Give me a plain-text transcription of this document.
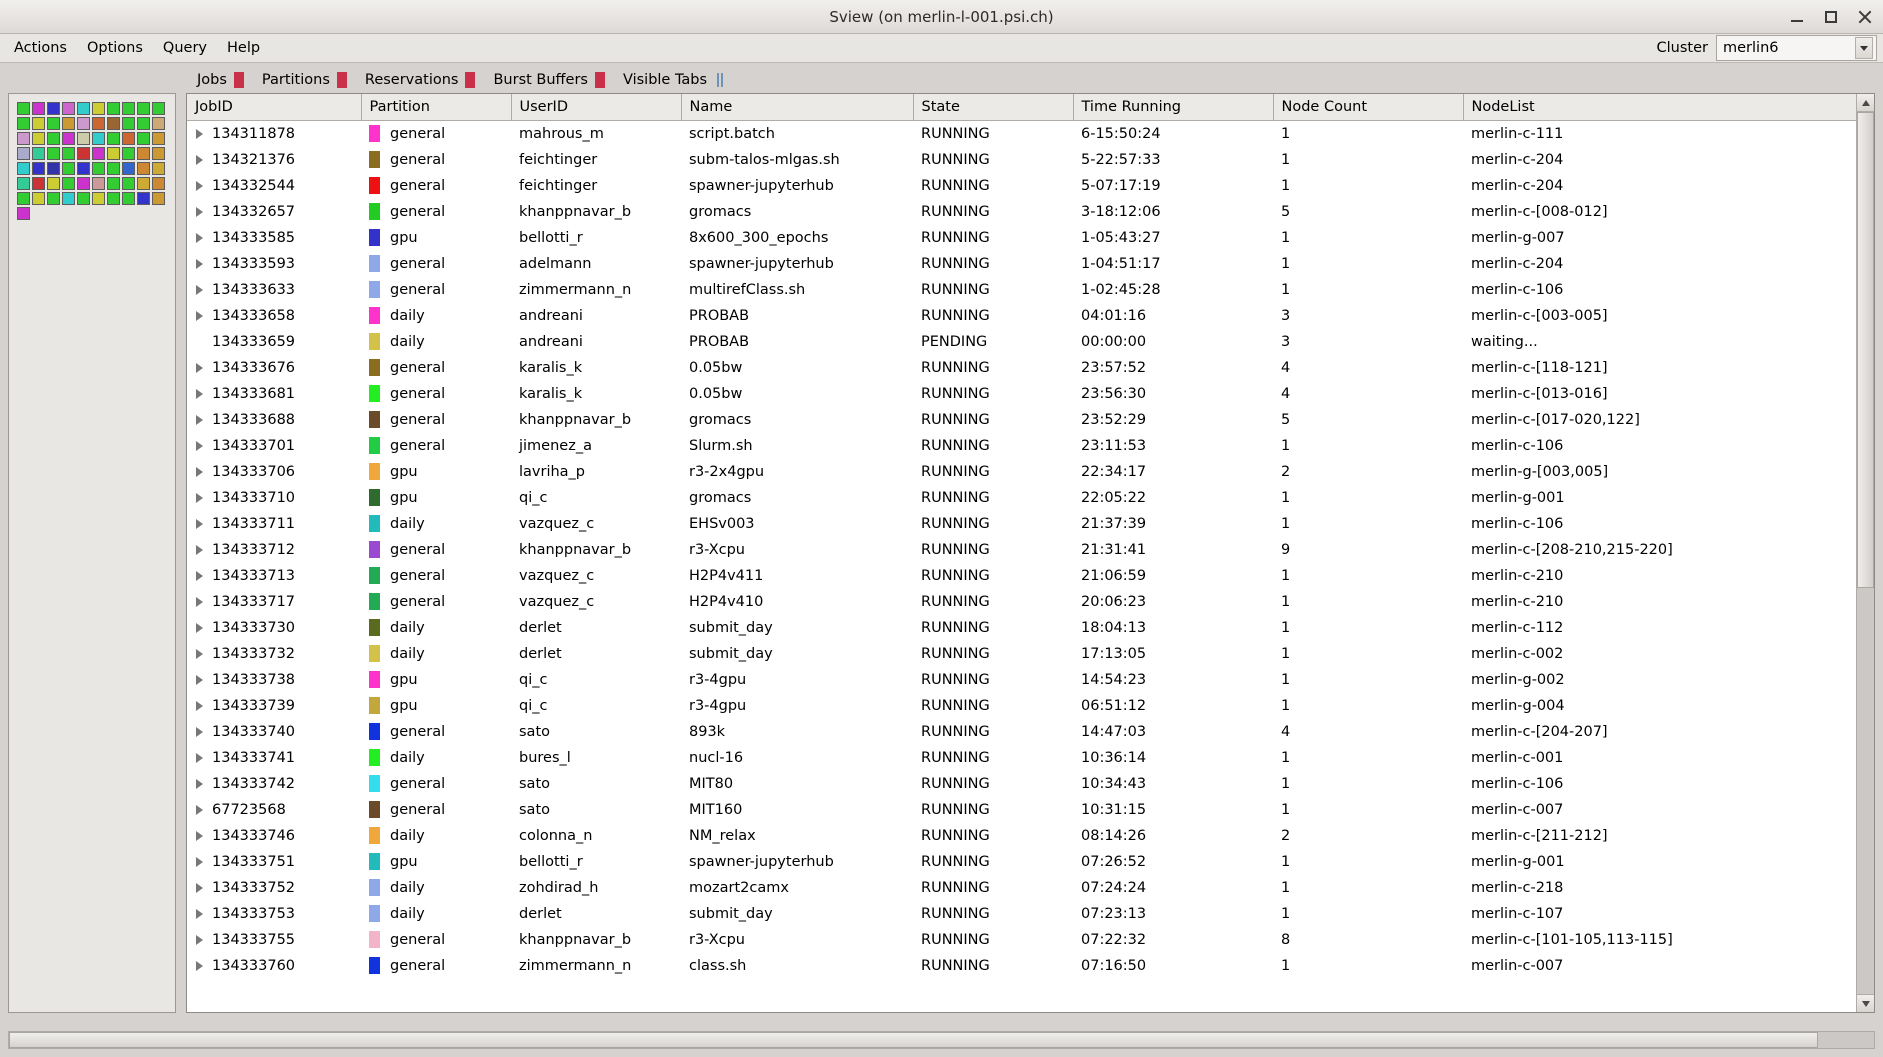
Sview (on merlin-l-001.psi.ch)
Actions	Options	Query	Help	Cluster merlin6
Jobs Partitions Reservations Burst Buffers Visible Tabs
JobID	Partition	UserID	Name	State	Time Running	Node Count	NodeList

134311878	general	mahrous_m	script.batch	RUNNING	6-15:50:24	1	merlin-c-111

134321376	general	feichtinger	subm-talos-mlgas.sh	RUNNING	5-22:57:33	1	merlin-c-204

134332544	general	feichtinger	spawner-jupyterhub	RUNNING	5-07:17:19	1	merlin-c-204

134332657	general	khanppnavar_b	gromacs	RUNNING	3-18:12:06	5	merlin-c-[008-012]

134333585	gpu	bellotti_r	8x600_300_epochs	RUNNING	1-05:43:27	1	merlin-g-007

134333593	general	adelmann	spawner-jupyterhub	RUNNING	1-04:51:17	1	merlin-c-204

134333633	general	zimmermann_n	multirefClass.sh	RUNNING	1-02:45:28	1	merlin-c-106

134333658	daily	andreani	PROBAB	RUNNING	04:01:16	3	merlin-c-[003-005]

134333659	daily	andreani	PROBAB	PENDING	00:00:00	3	waiting...

134333676	general	karalis_k	0.05bw	RUNNING	23:57:52	4	merlin-c-[118-121]

134333681	general	karalis_k	0.05bw	RUNNING	23:56:30	4	merlin-c-[013-016]

134333688	general	khanppnavar_b	gromacs	RUNNING	23:52:29	5	merlin-c-[017-020,122]

134333701	general	jimenez_a	Slurm.sh	RUNNING	23:11:53	1	merlin-c-106

134333706	gpu	lavriha_p	r3-2x4gpu	RUNNING	22:34:17	2	merlin-g-[003,005]

134333710	gpu	qi_c	gromacs	RUNNING	22:05:22	1	merlin-g-001

134333711	daily	vazquez_c	EHSv003	RUNNING	21:37:39	1	merlin-c-106

134333712	general	khanppnavar_b	r3-Xcpu	RUNNING	21:31:41	9	merlin-c-[208-210,215-220]

134333713	general	vazquez_c	H2P4v411	RUNNING	21:06:59	1	merlin-c-210

134333717	general	vazquez_c	H2P4v410	RUNNING	20:06:23	1	merlin-c-210

134333730	daily	derlet	submit_day	RUNNING	18:04:13	1	merlin-c-112

134333732	daily	derlet	submit_day	RUNNING	17:13:05	1	merlin-c-002

134333738	gpu	qi_c	r3-4gpu	RUNNING	14:54:23	1	merlin-g-002

134333739	gpu	qi_c	r3-4gpu	RUNNING	06:51:12	1	merlin-g-004

134333740	general	sato	893k	RUNNING	14:47:03	4	merlin-c-[204-207]

134333741	daily	bures_l	nucl-16	RUNNING	10:36:14	1	merlin-c-001

134333742	general	sato	MIT80	RUNNING	10:34:43	1	merlin-c-106

67723568	general	sato	MIT160	RUNNING	10:31:15	1	merlin-c-007

134333746	daily	colonna_n	NM_relax	RUNNING	08:14:26	2	merlin-c-[211-212]

134333751	gpu	bellotti_r	spawner-jupyterhub	RUNNING	07:26:52	1	merlin-g-001

134333752	daily	zohdirad_h	mozart2camx	RUNNING	07:24:24	1	merlin-c-218

134333753	daily	derlet	submit_day	RUNNING	07:23:13	1	merlin-c-107

134333755	general	khanppnavar_b	r3-Xcpu	RUNNING	07:22:32	8	merlin-c-[101-105,113-115]

134333760	general	zimmermann_n	class.sh	RUNNING	07:16:50	1	merlin-c-007
